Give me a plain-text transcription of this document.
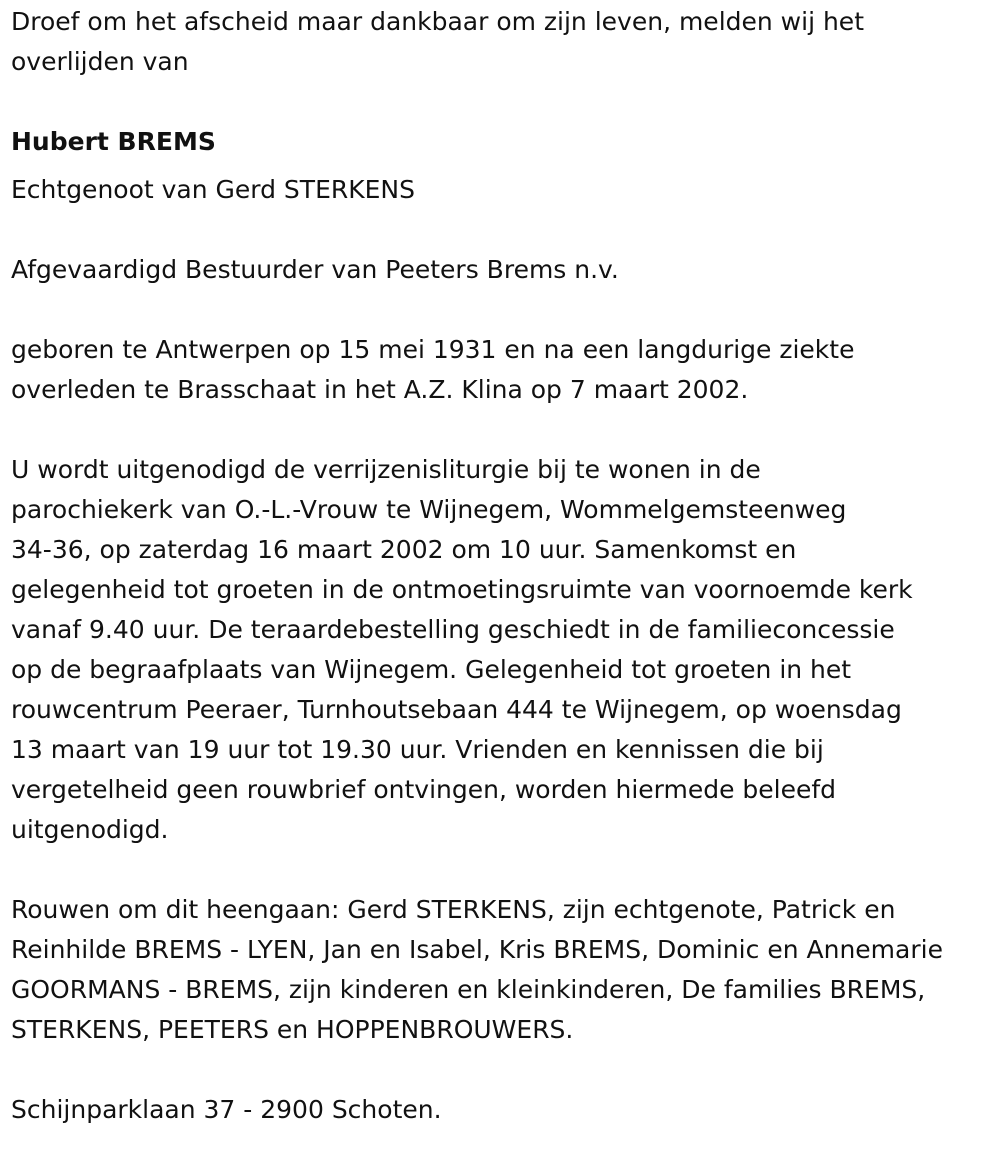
Droef om het afscheid maar dankbaar om zijn leven, melden wij het
overlijden van

Hubert BREMS

Echtgenoot van Gerd STERKENS

Afgevaardigd Bestuurder van Peeters Brems n.v.

geboren te Antwerpen op 15 mei 1931 en na een langdurige ziekte
overleden te Brasschaat in het A.Z. Klina op 7 maart 2002.

U wordt uitgenodigd de verrijzenisliturgie bij te wonen in de
parochiekerk van O.-L.-Vrouw te Wijnegem, Wommelgemsteenweg
34-36, op zaterdag 16 maart 2002 om 10 uur. Samenkomst en
gelegenheid tot groeten in de ontmoetingsruimte van voornoemde kerk
vanaf 9.40 uur. De teraardebestelling geschiedt in de familieconcessie
op de begraafplaats van Wijnegem. Gelegenheid tot groeten in het
rouwcentrum Peeraer, Turnhoutsebaan 444 te Wijnegem, op woensdag
13 maart van 19 uur tot 19.30 uur. Vrienden en kennissen die bij
vergetelheid geen rouwbrief ontvingen, worden hiermede beleefd
uitgenodigd.

Rouwen om dit heengaan: Gerd STERKENS, zijn echtgenote, Patrick en
Reinhilde BREMS - LYEN, Jan en Isabel, Kris BREMS, Dominic en Annemarie
GOORMANS - BREMS, zijn kinderen en kleinkinderen, De families BREMS,
STERKENS, PEETERS en HOPPENBROUWERS.

Schijnparklaan 37 - 2900 Schoten.
